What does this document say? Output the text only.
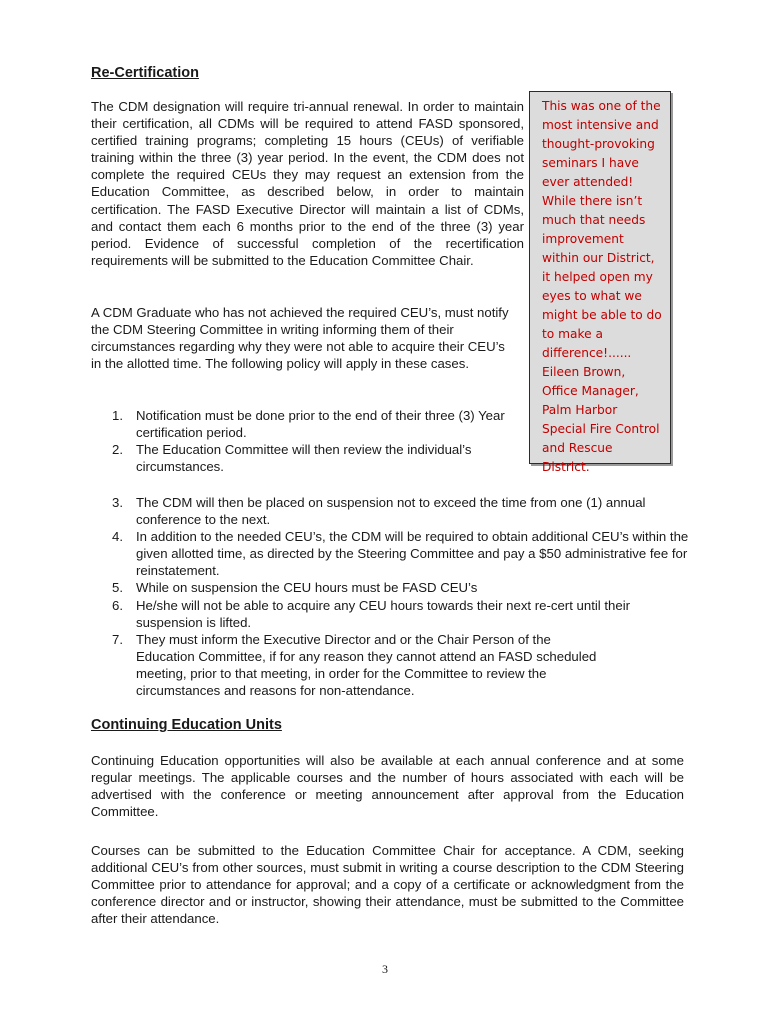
Re-Certification

The CDM designation will require tri-annual renewal. In order to maintain their certification, all CDMs will be required to attend FASD sponsored, certified training programs; completing 15 hours (CEUs) of verifiable training within the three (3) year period. In the event, the CDM does not complete the required CEUs they may request an extension from the Education Committee, as described below, in order to maintain certification. The FASD Executive Director will maintain a list of CDMs, and contact them each 6 months prior to the end of the three (3) year period. Evidence of successful completion of the recertification requirements will be submitted to the Education Committee Chair.

A CDM Graduate who has not achieved the required CEU’s, must notify the CDM Steering Committee in writing informing them of their circumstances regarding why they were not able to acquire their CEU’s in the allotted time. The following policy will apply in these cases.

1. Notification must be done prior to the end of their three (3) Year certification period.
2. The Education Committee will then review the individual’s circumstances.
3. The CDM will then be placed on suspension not to exceed the time from one (1) annual conference to the next.
4. In addition to the needed CEU’s, the CDM will be required to obtain additional CEU’s within the given allotted time, as directed by the Steering Committee and pay a $50 administrative fee for reinstatement.
5. While on suspension the CEU hours must be FASD CEU’s
6. He/she will not be able to acquire any CEU hours towards their next re-cert until their suspension is lifted.
7. They must inform the Executive Director and or the Chair Person of the Education Committee, if for any reason they cannot attend an FASD scheduled meeting, prior to that meeting, in order for the Committee to review the circumstances and reasons for non-attendance.
This was one of the most intensive and thought-provoking seminars I have ever attended! While there isn’t much that needs improvement within our District, it helped open my eyes to what we might be able to do to make a difference!...... Eileen Brown, Office Manager, Palm Harbor Special Fire Control and Rescue District.
Continuing Education Units

Continuing Education opportunities will also be available at each annual conference and at some regular meetings. The applicable courses and the number of hours associated with each will be advertised with the conference or meeting announcement after approval from the Education Committee.

Courses can be submitted to the Education Committee Chair for acceptance. A CDM, seeking additional CEU’s from other sources, must submit in writing a course description to the CDM Steering Committee prior to attendance for approval; and a copy of a certificate or acknowledgment from the conference director and or instructor, showing their attendance, must be submitted to the Committee after their attendance.

3
